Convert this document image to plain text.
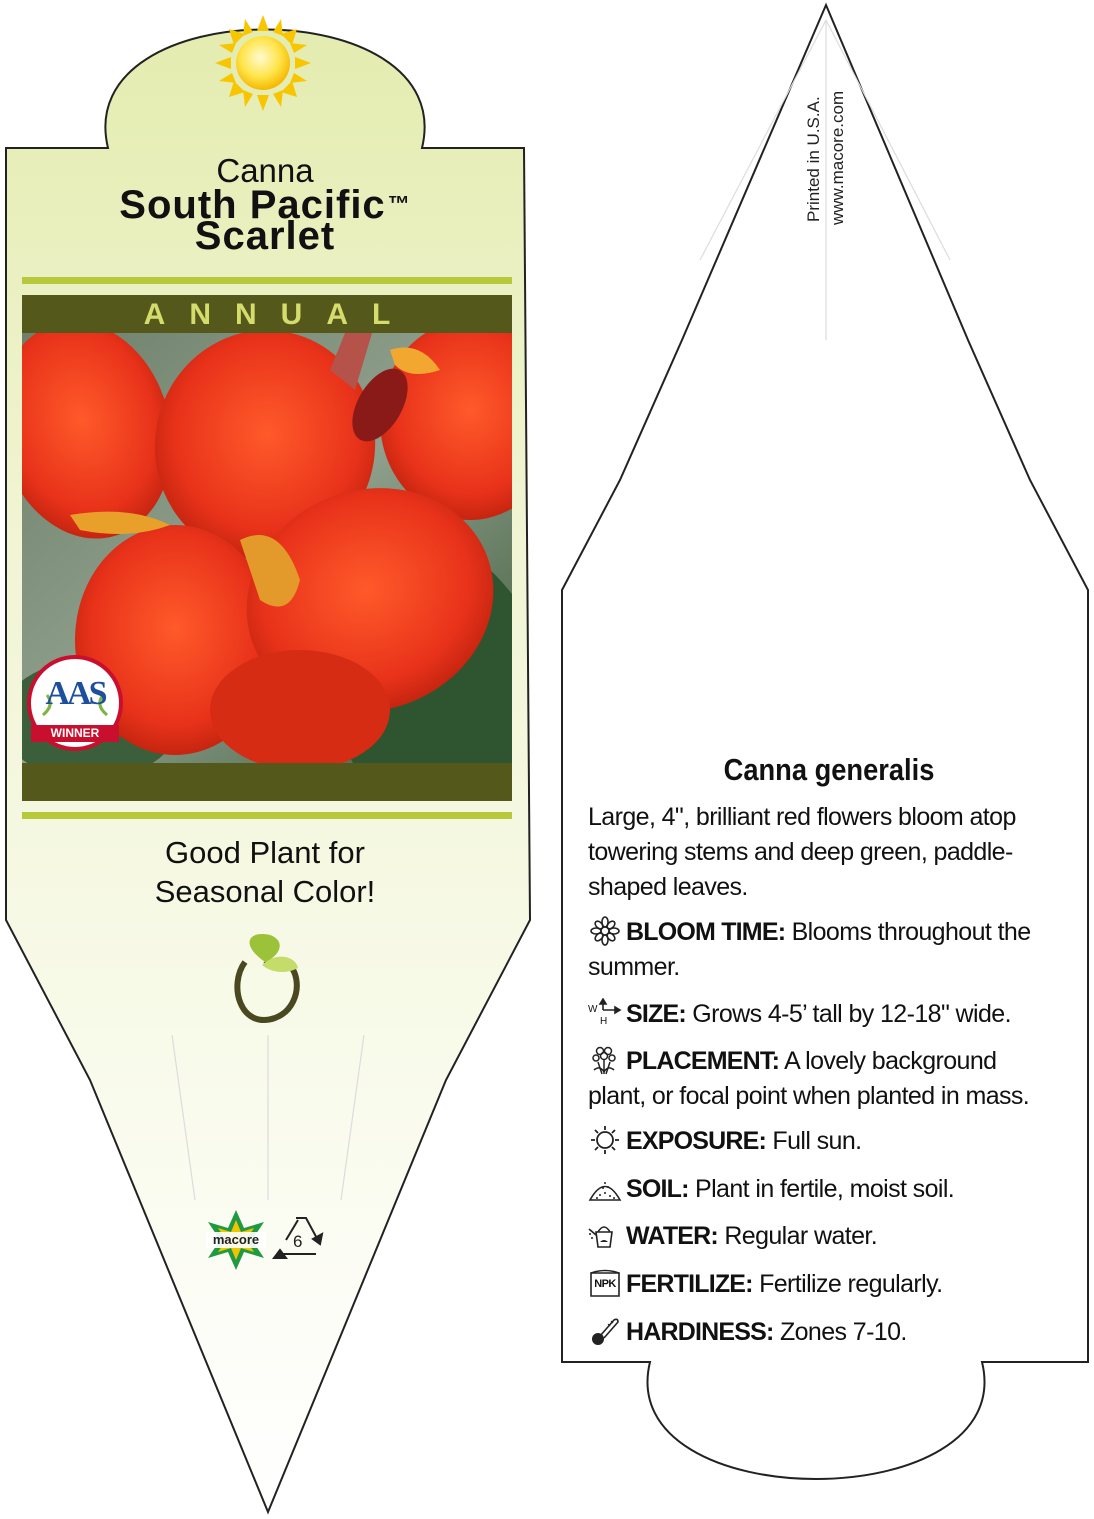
Canna
South Pacific™
Scarlet
ANNUAL
AAS
WINNER
Good Plant for
Seasonal Color!
macore	6
Printed in U.S.A. www.macore.com
Canna generalis
Large, 4", brilliant red flowers bloom atop towering stems and deep green, paddle-shaped leaves.
BLOOM TIME: Blooms throughout the summer.
W
H SIZE: Grows 4-5’ tall by 12-18" wide.
PLACEMENT: A lovely background plant, or focal point when planted in mass.
EXPOSURE: Full sun.
SOIL: Plant in fertile, moist soil.
WATER: Regular water.
NPK FERTILIZE: Fertilize regularly.
HARDINESS: Zones 7-10.
